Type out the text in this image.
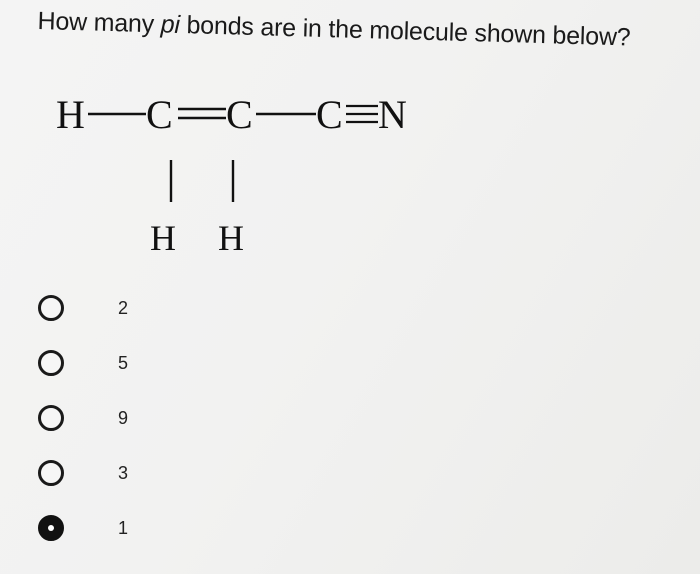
How many pi bonds are in the molecule shown below?
H C C C N
H H
2
5
9
3
1
